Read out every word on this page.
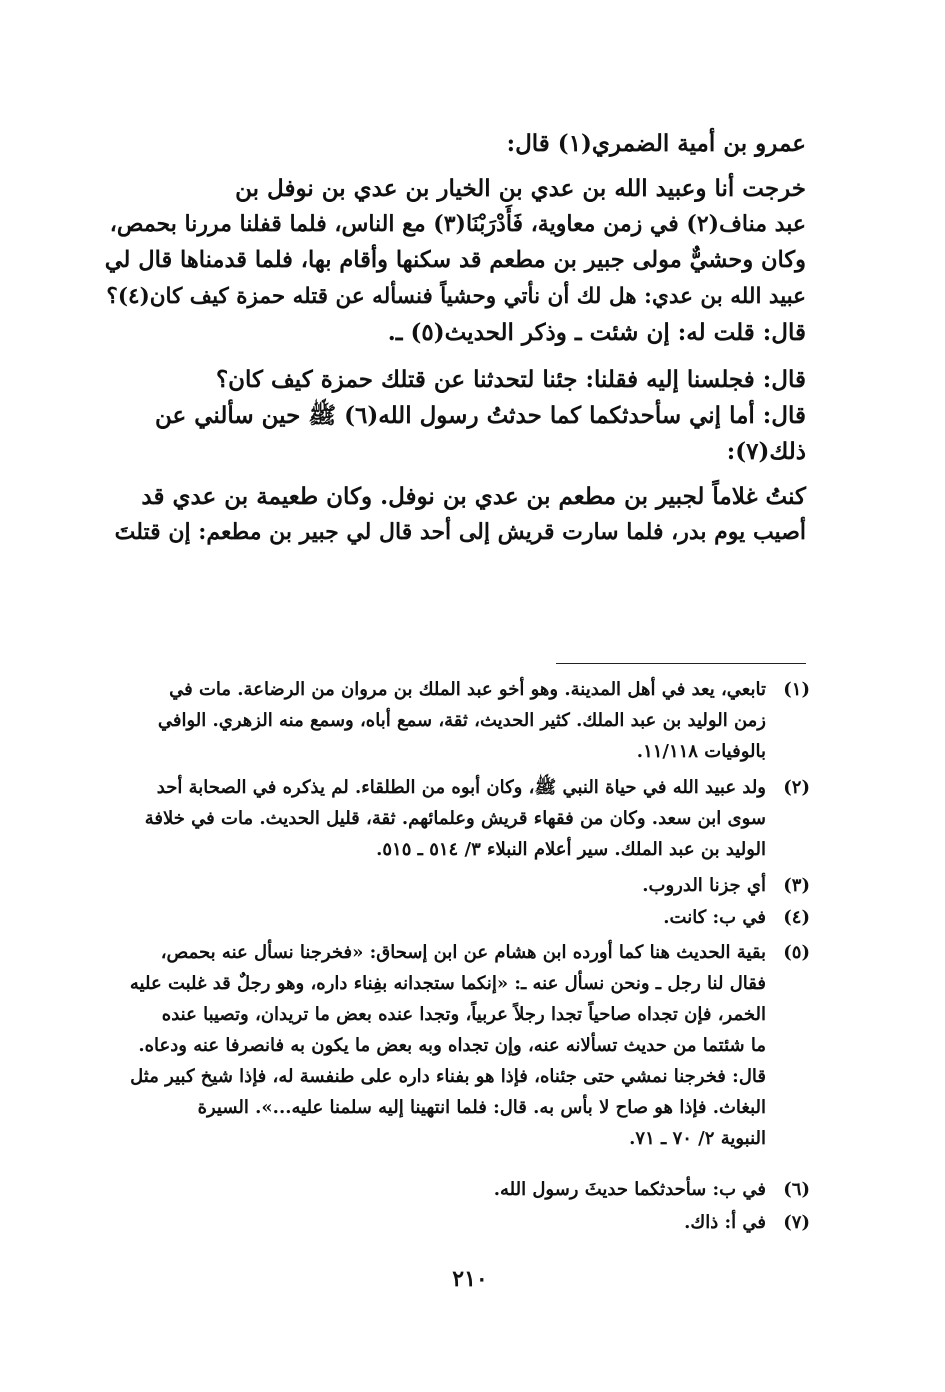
عمرو بن أمية الضمري(١) قال:
خرجت أنا وعبيد الله بن عدي بن الخيار بن عدي بن نوفل بن
عبد مناف(٢) في زمن معاوية، فَأَدْرَبْنَا(٣) مع الناس، فلما قفلنا مررنا بحمص،
وكان وحشيٌّ مولى جبير بن مطعم قد سكنها وأقام بها، فلما قدمناها قال لي
عبيد الله بن عدي: هل لك أن نأتي وحشياً فنسأله عن قتله حمزة كيف كان(٤)؟
قال: قلت له: إن شئت ـ وذكر الحديث(٥) ـ.
قال: فجلسنا إليه فقلنا: جئنا لتحدثنا عن قتلك حمزة كيف كان؟
قال: أما إني سأحدثكما كما حدثتُ رسول الله(٦) ﷺ حين سألني عن
ذلك(٧):
كنتُ غلاماً لجبير بن مطعم بن عدي بن نوفل. وكان طعيمة بن عدي قد
أصيب يوم بدر، فلما سارت قريش إلى أحد قال لي جبير بن مطعم: إن قتلتَ
(١)
تابعي، يعد في أهل المدينة. وهو أخو عبد الملك بن مروان من الرضاعة. مات في
زمن الوليد بن عبد الملك. كثير الحديث، ثقة، سمع أباه، وسمع منه الزهري. الوافي
بالوفيات ١١/١١٨.
(٢)
ولد عبيد الله في حياة النبي ﷺ، وكان أبوه من الطلقاء. لم يذكره في الصحابة أحد
سوى ابن سعد. وكان من فقهاء قريش وعلمائهم. ثقة، قليل الحديث. مات في خلافة
الوليد بن عبد الملك. سير أعلام النبلاء ٣/ ٥١٤ ـ ٥١٥.
(٣)
أي جزنا الدروب.
(٤)
في ب: كانت.
(٥)
بقية الحديث هنا كما أورده ابن هشام عن ابن إسحاق: «فخرجنا نسأل عنه بحمص،
فقال لنا رجل ـ ونحن نسأل عنه ـ: «إنكما ستجدانه بفِناء داره، وهو رجلٌ قد غلبت عليه
الخمر، فإن تجداه صاحياً تجدا رجلاً عربياً، وتجدا عنده بعض ما تريدان، وتصيبا عنده
ما شئتما من حديث تسألانه عنه، وإن تجداه وبه بعض ما يكون به فانصرفا عنه ودعاه.
قال: فخرجنا نمشي حتى جئناه، فإذا هو بفناء داره على طنفسة له، فإذا شيخ كبير مثل
البغاث. فإذا هو صاح لا بأس به. قال: فلما انتهينا إليه سلمنا عليه...». السيرة
النبوية ٢/ ٧٠ ـ ٧١.
(٦)
في ب: سأحدثكما حديثَ رسول الله.
(٧)
في أ: ذاك.
٢١٠
